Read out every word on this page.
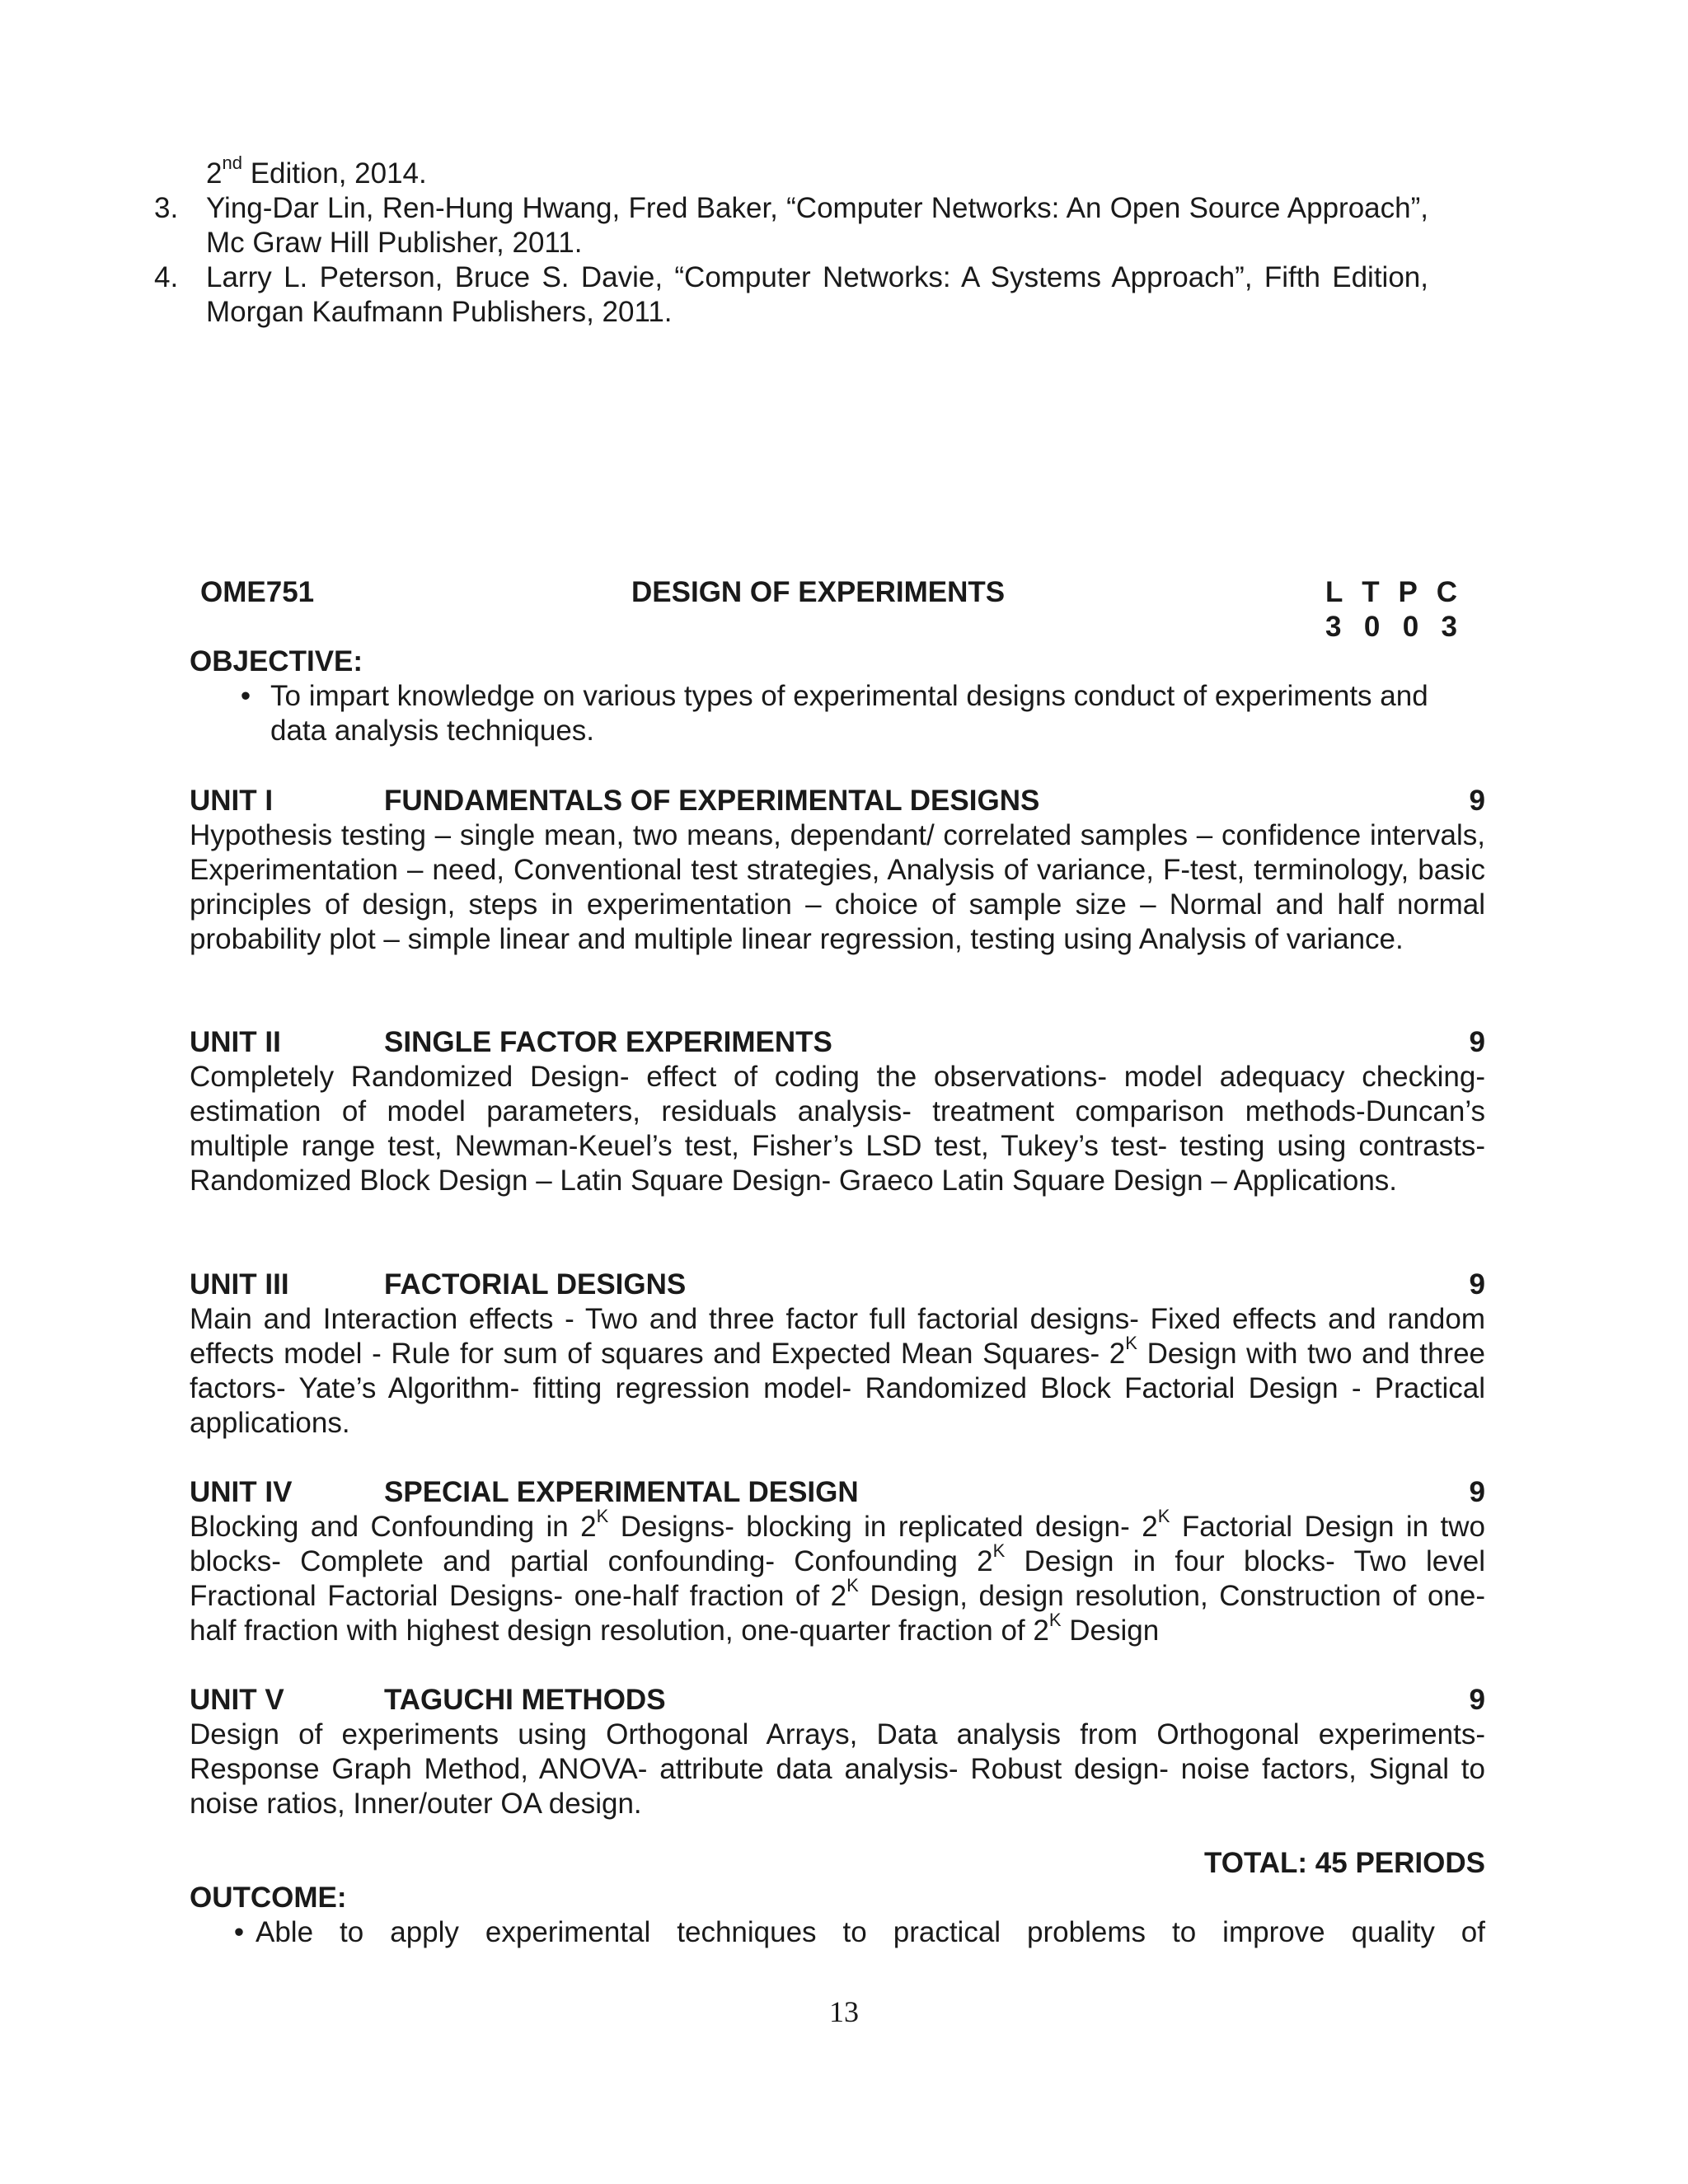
2nd Edition, 2014.
3. Ying-Dar Lin, Ren-Hung Hwang, Fred Baker, “Computer Networks: An Open Source Approach”, Mc Graw Hill Publisher, 2011.
4. Larry L. Peterson, Bruce S. Davie, “Computer Networks: A Systems Approach”, Fifth Edition, Morgan Kaufmann Publishers, 2011.
OME751	DESIGN OF EXPERIMENTS	L T P C
3 0 0 3
OBJECTIVE:
• To impart knowledge on various types of experimental designs conduct of experiments and data analysis techniques.
UNIT I	FUNDAMENTALS OF EXPERIMENTAL DESIGNS	9
Hypothesis testing – single mean, two means, dependant/ correlated samples – confidence intervals, Experimentation – need, Conventional test strategies, Analysis of variance, F-test, terminology, basic principles of design, steps in experimentation – choice of sample size – Normal and half normal probability plot – simple linear and multiple linear regression, testing using Analysis of variance.
UNIT II	SINGLE FACTOR EXPERIMENTS	9
Completely Randomized Design- effect of coding the observations- model adequacy checking- estimation of model parameters, residuals analysis- treatment comparison methods-Duncan’s multiple range test, Newman-Keuel’s test, Fisher’s LSD test, Tukey’s test- testing using contrasts- Randomized Block Design – Latin Square Design- Graeco Latin Square Design – Applications.
UNIT III	FACTORIAL DESIGNS	9
Main and Interaction effects - Two and three factor full factorial designs- Fixed effects and random effects model - Rule for sum of squares and Expected Mean Squares- $2^K$ Design with two and three factors- Yate’s Algorithm- fitting regression model- Randomized Block Factorial Design - Practical applications.
UNIT IV	SPECIAL EXPERIMENTAL DESIGN	9
Blocking and Confounding in $2^K$ Designs- blocking in replicated design- $2^K$ Factorial Design in two blocks- Complete and partial confounding- Confounding $2^K$ Design in four blocks- Two level Fractional Factorial Designs- one-half fraction of $2^K$ Design, design resolution, Construction of one-half fraction with highest design resolution, one-quarter fraction of $2^K$ Design
UNIT V	TAGUCHI METHODS	9
Design of experiments using Orthogonal Arrays, Data analysis from Orthogonal experiments- Response Graph Method, ANOVA- attribute data analysis- Robust design- noise factors, Signal to noise ratios, Inner/outer OA design.
TOTAL: 45 PERIODS
OUTCOME:
• Able to apply experimental techniques to practical problems to improve quality of
13
